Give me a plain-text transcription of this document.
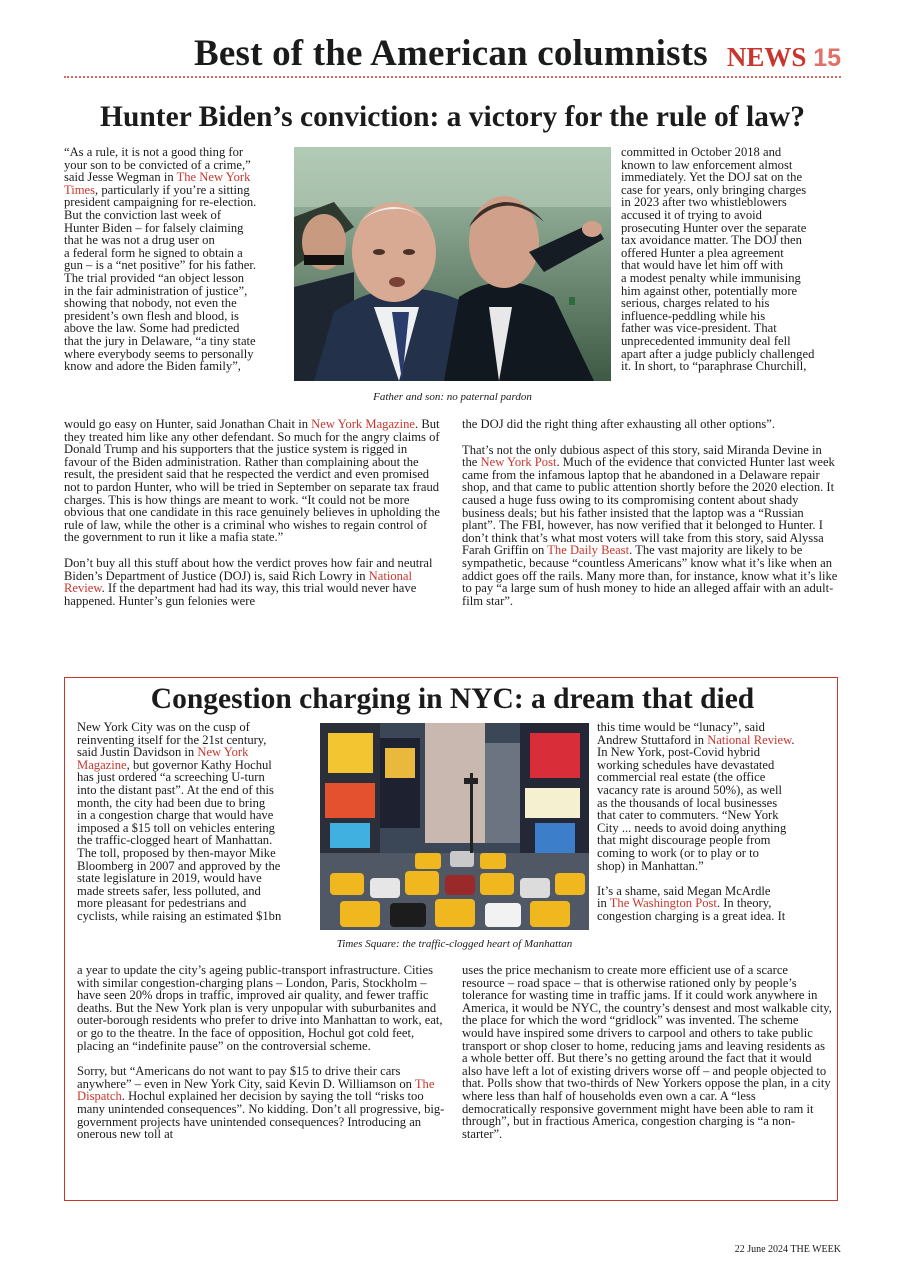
Best of the American columnists NEWS 15
Hunter Biden’s conviction: a victory for the rule of law?
“As a rule, it is not a good thing for
your son to be convicted of a crime,”
said Jesse Wegman in The New York
Times, particularly if you’re a sitting
president campaigning for re-election.
But the conviction last week of
Hunter Biden – for falsely claiming
that he was not a drug user on
a federal form he signed to obtain a
gun – is a “net positive” for his father.
The trial provided “an object lesson
in the fair administration of justice”,
showing that nobody, not even the
president’s own flesh and blood, is
above the law. Some had predicted
that the jury in Delaware, “a tiny state
where everybody seems to personally
know and adore the Biden family”,
Father and son: no paternal pardon
committed in October 2018 and
known to law enforcement almost
immediately. Yet the DOJ sat on the
case for years, only bringing charges
in 2023 after two whistleblowers
accused it of trying to avoid
prosecuting Hunter over the separate
tax avoidance matter. The DOJ then
offered Hunter a plea agreement
that would have let him off with
a modest penalty while immunising
him against other, potentially more
serious, charges related to his
influence-peddling while his
father was vice-president. That
unprecedented immunity deal fell
apart after a judge publicly challenged
it. In short, to “paraphrase Churchill,

would go easy on Hunter, said Jonathan Chait in New York Magazine. But they treated him like any other defendant. So much for the angry claims of Donald Trump and his supporters that the justice system is rigged in favour of the Biden administration. Rather than complaining about the result, the president said that he respected the verdict and even promised not to pardon Hunter, who will be tried in September on separate tax fraud charges. This is how things are meant to work. “It could not be more obvious that one candidate in this race genuinely believes in upholding the rule of law, while the other is a criminal who wishes to regain control of the government to run it like a mafia state.”

Don’t buy all this stuff about how the verdict proves how fair and neutral Biden’s Department of Justice (DOJ) is, said Rich Lowry in National Review. If the department had had its way, this trial would never have happened. Hunter’s gun felonies were

the DOJ did the right thing after exhausting all other options”.

That’s not the only dubious aspect of this story, said Miranda Devine in the New York Post. Much of the evidence that convicted Hunter last week came from the infamous laptop that he abandoned in a Delaware repair shop, and that came to public attention shortly before the 2020 election. It caused a huge fuss owing to its compromising content about shady business deals; but his father insisted that the laptop was a “Russian plant”. The FBI, however, has now verified that it belonged to Hunter. I don’t think that’s what most voters will take from this story, said Alyssa Farah Griffin on The Daily Beast. The vast majority are likely to be sympathetic, because “countless Americans” know what it’s like when an addict goes off the rails. Many more than, for instance, know what it’s like to pay “a large sum of hush money to hide an alleged affair with an adult-film star”.

Congestion charging in NYC: a dream that died
New York City was on the cusp of
reinventing itself for the 21st century,
said Justin Davidson in New York
Magazine, but governor Kathy Hochul
has just ordered “a screeching U-turn
into the distant past”. At the end of this
month, the city had been due to bring
in a congestion charge that would have
imposed a $15 toll on vehicles entering
the traffic-clogged heart of Manhattan.
The toll, proposed by then-mayor Mike
Bloomberg in 2007 and approved by the
state legislature in 2019, would have
made streets safer, less polluted, and
more pleasant for pedestrians and
cyclists, while raising an estimated $1bn
Times Square: the traffic-clogged heart of Manhattan
this time would be “lunacy”, said
Andrew Stuttaford in National Review.
In New York, post-Covid hybrid
working schedules have devastated
commercial real estate (the office
vacancy rate is around 50%), as well
as the thousands of local businesses
that cater to commuters. “New York
City ... needs to avoid doing anything
that might discourage people from
coming to work (or to play or to
shop) in Manhattan.”

It’s a shame, said Megan McArdle
in The Washington Post. In theory,
congestion charging is a great idea. It

a year to update the city’s ageing public-transport infrastructure. Cities with similar congestion-charging plans – London, Paris, Stockholm – have seen 20% drops in traffic, improved air quality, and fewer traffic deaths. But the New York plan is very unpopular with suburbanites and outer-borough residents who prefer to drive into Manhattan to work, eat, or go to the theatre. In the face of opposition, Hochul got cold feet, placing an “indefinite pause” on the controversial scheme.

Sorry, but “Americans do not want to pay $15 to drive their cars anywhere” – even in New York City, said Kevin D. Williamson on The Dispatch. Hochul explained her decision by saying the toll “risks too many unintended consequences”. No kidding. Don’t all progressive, big-government projects have unintended consequences? Introducing an onerous new toll at

uses the price mechanism to create more efficient use of a scarce resource – road space – that is otherwise rationed only by people’s tolerance for wasting time in traffic jams. If it could work anywhere in America, it would be NYC, the country’s densest and most walkable city, the place for which the word “gridlock” was invented. The scheme would have inspired some drivers to carpool and others to take public transport or shop closer to home, reducing jams and leaving residents as a whole better off. But there’s no getting around the fact that it would also have left a lot of existing drivers worse off – and people objected to that. Polls show that two-thirds of New Yorkers oppose the plan, in a city where less than half of households even own a car. A “less democratically responsive government might have been able to ram it through”, but in fractious America, congestion charging is “a non-starter”.

22 June 2024 THE WEEK
